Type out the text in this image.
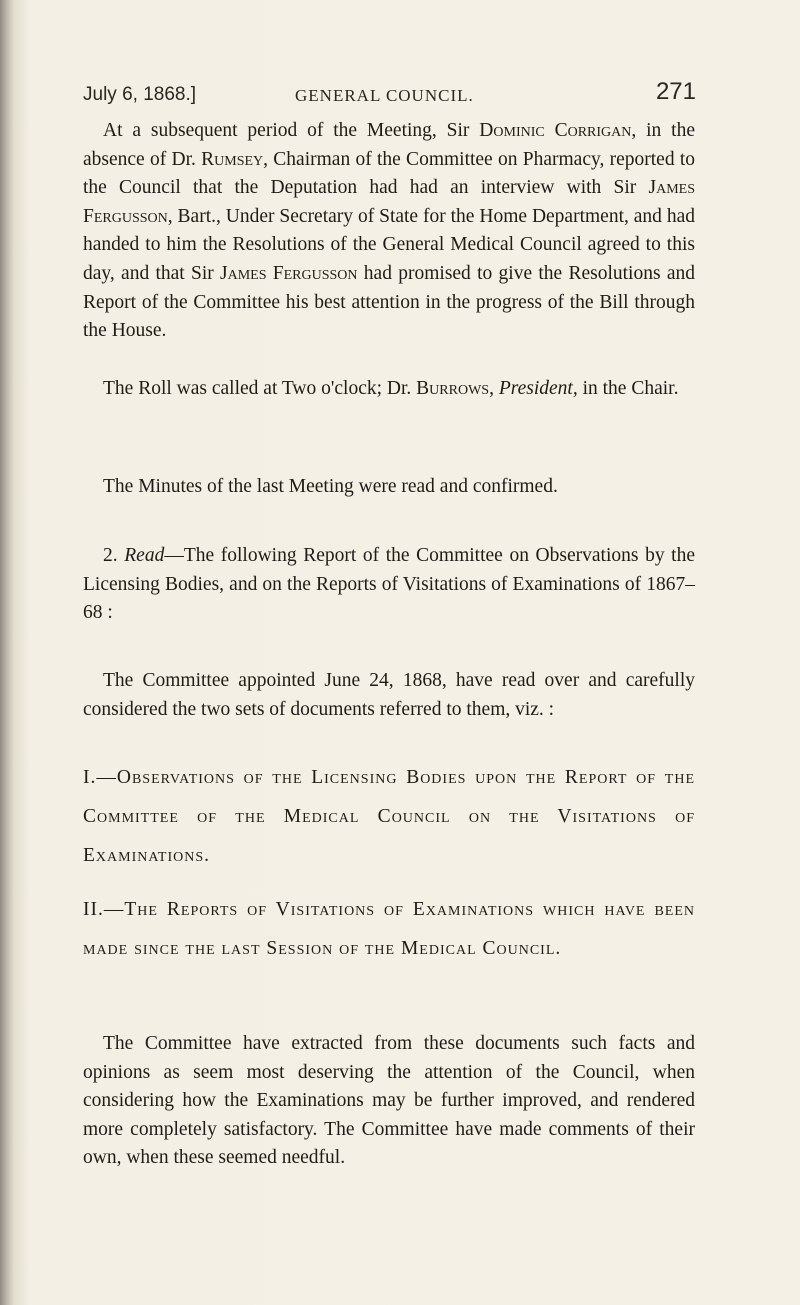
July 6, 1868.]	GENERAL COUNCIL.	271

At a subsequent period of the Meeting, Sir Dominic Corrigan, in the absence of Dr. Rumsey, Chairman of the Committee on Pharmacy, reported to the Council that the Deputation had had an interview with Sir James Fergusson, Bart., Under Secretary of State for the Home Department, and had handed to him the Resolutions of the General Medical Council agreed to this day, and that Sir James Fergusson had promised to give the Resolutions and Report of the Committee his best attention in the progress of the Bill through the House.

The Roll was called at Two o'clock; Dr. Burrows, President, in the Chair.

The Minutes of the last Meeting were read and confirmed.

2. Read—The following Report of the Committee on Observations by the Licensing Bodies, and on the Reports of Visitations of Examinations of 1867–68 :

The Committee appointed June 24, 1868, have read over and carefully considered the two sets of documents referred to them, viz. :

I.—Observations of the Licensing Bodies upon the Report of the Committee of the Medical Council on the Visitations of Examinations.

II.—The Reports of Visitations of Examinations which have been made since the last Session of the Medical Council.

The Committee have extracted from these documents such facts and opinions as seem most deserving the attention of the Council, when considering how the Examinations may be further improved, and rendered more completely satisfactory. The Committee have made comments of their own, when these seemed needful.
